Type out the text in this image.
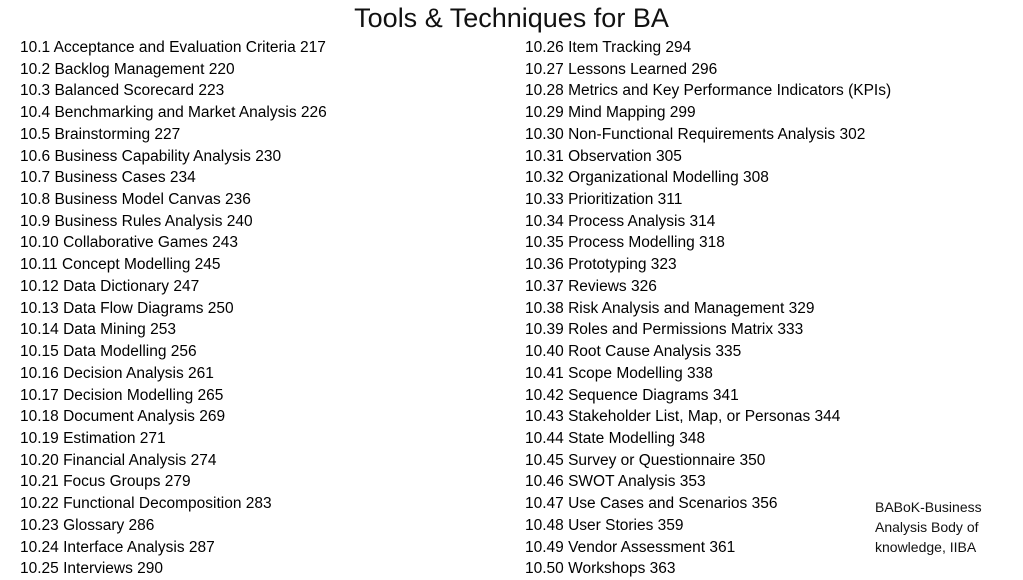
Tools & Techniques for BA
10.1 Acceptance and Evaluation Criteria 217
10.2 Backlog Management 220
10.3 Balanced Scorecard 223
10.4 Benchmarking and Market Analysis 226
10.5 Brainstorming 227
10.6 Business Capability Analysis 230
10.7 Business Cases 234
10.8 Business Model Canvas 236
10.9 Business Rules Analysis 240
10.10 Collaborative Games 243
10.11 Concept Modelling 245
10.12 Data Dictionary 247
10.13 Data Flow Diagrams 250
10.14 Data Mining 253
10.15 Data Modelling 256
10.16 Decision Analysis 261
10.17 Decision Modelling 265
10.18 Document Analysis 269
10.19 Estimation 271
10.20 Financial Analysis 274
10.21 Focus Groups 279
10.22 Functional Decomposition 283
10.23 Glossary 286
10.24 Interface Analysis 287
10.25 Interviews 290
10.26 Item Tracking 294
10.27 Lessons Learned 296
10.28 Metrics and Key Performance Indicators (KPIs)
10.29 Mind Mapping 299
10.30 Non-Functional Requirements Analysis 302
10.31 Observation 305
10.32 Organizational Modelling 308
10.33 Prioritization 311
10.34 Process Analysis 314
10.35 Process Modelling 318
10.36 Prototyping 323
10.37 Reviews 326
10.38 Risk Analysis and Management 329
10.39 Roles and Permissions Matrix 333
10.40 Root Cause Analysis 335
10.41 Scope Modelling 338
10.42 Sequence Diagrams 341
10.43 Stakeholder List, Map, or Personas 344
10.44 State Modelling 348
10.45 Survey or Questionnaire 350
10.46 SWOT Analysis 353
10.47 Use Cases and Scenarios 356
10.48 User Stories 359
10.49 Vendor Assessment 361
10.50 Workshops 363
BABoK-Business
Analysis Body of
knowledge, IIBA
